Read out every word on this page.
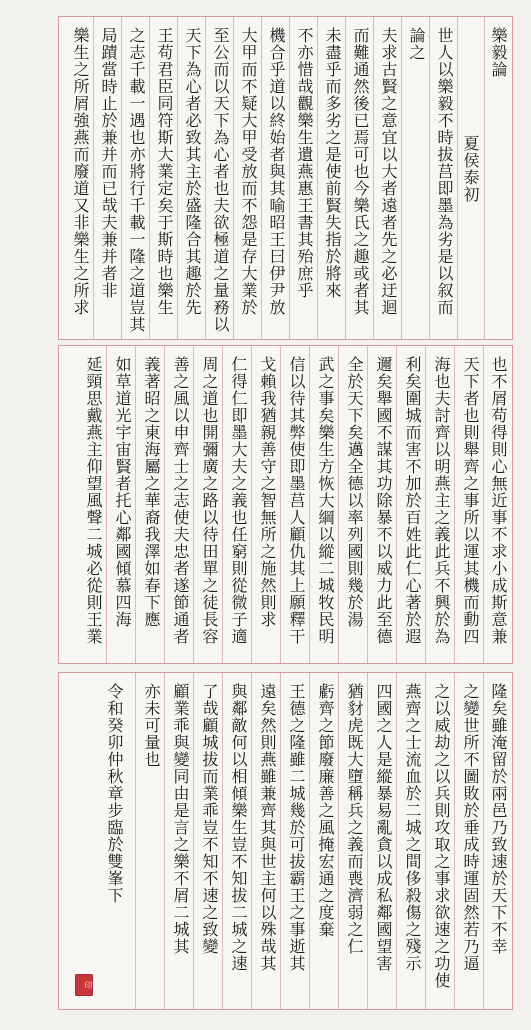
樂毅論
夏侯泰初
世人以樂毅不時拔莒即墨為劣是以叙而
論之
夫求古賢之意宜以大者遠者先之必迂迴
而難通然後已焉可也今樂氏之趣或者其
未盡乎而多劣之是使前賢失指於將來
不亦惜哉觀樂生遺燕惠王書其殆庶乎
機合乎道以終始者與其喻昭王曰伊尹放
大甲而不疑大甲受放而不怨是存大業於
至公而以天下為心者也夫欲極道之量務以
天下為心者必致其主於盛隆合其趣於先
王苟君臣同符斯大業定矣于斯時也樂生
之志千載一遇也亦將行千載一隆之道豈其
局蹟當時止於兼并而已哉夫兼并者非
樂生之所屑強燕而廢道又非樂生之所求
也不屑苟得則心無近事不求小成斯意兼
天下者也則舉齊之事所以運其機而動四
海也夫討齊以明燕主之義此兵不興於為
利矣圍城而害不加於百姓此仁心著於遐
邇矣舉國不謀其功除暴不以威力此至德
全於天下矣邁全德以率列國則幾於湯
武之事矣樂生方恢大綱以縱二城牧民明
信以待其弊使即墨莒人顧仇其上願釋干
戈賴我猶親善守之智無所之施然則求
仁得仁即墨大夫之義也任窮則從微子適
周之道也開彌廣之路以待田單之徒長容
善之風以申齊士之志使夫忠者遂節通者
義著昭之東海屬之華裔我澤如春下應
如草道光宇宙賢者托心鄰國傾慕四海
延頸思戴燕主仰望風聲二城必從則王業
隆矣雖淹留於兩邑乃致速於天下不幸
之變世所不圖敗於垂成時運固然若乃逼
之以威劫之以兵則攻取之事求欲速之功使
燕齊之士流血於二城之間侈殺傷之殘示
四國之人是縱暴易亂貪以成私鄰國望害
猶豺虎既大墮稱兵之義而喪濟弱之仁
虧齊之節廢廉善之風掩宏通之度棄
王德之隆雖二城幾於可拔霸王之事逝其
遠矣然則燕雖兼齊其與世主何以殊哉其
與鄰敵何以相傾樂生豈不知拔二城之速
了哉顧城拔而業乖豈不知不速之致變
顧業乖與變同由是言之樂不屑二城其
亦未可量也
令和癸卯仲秋章步臨於雙峯下
印
